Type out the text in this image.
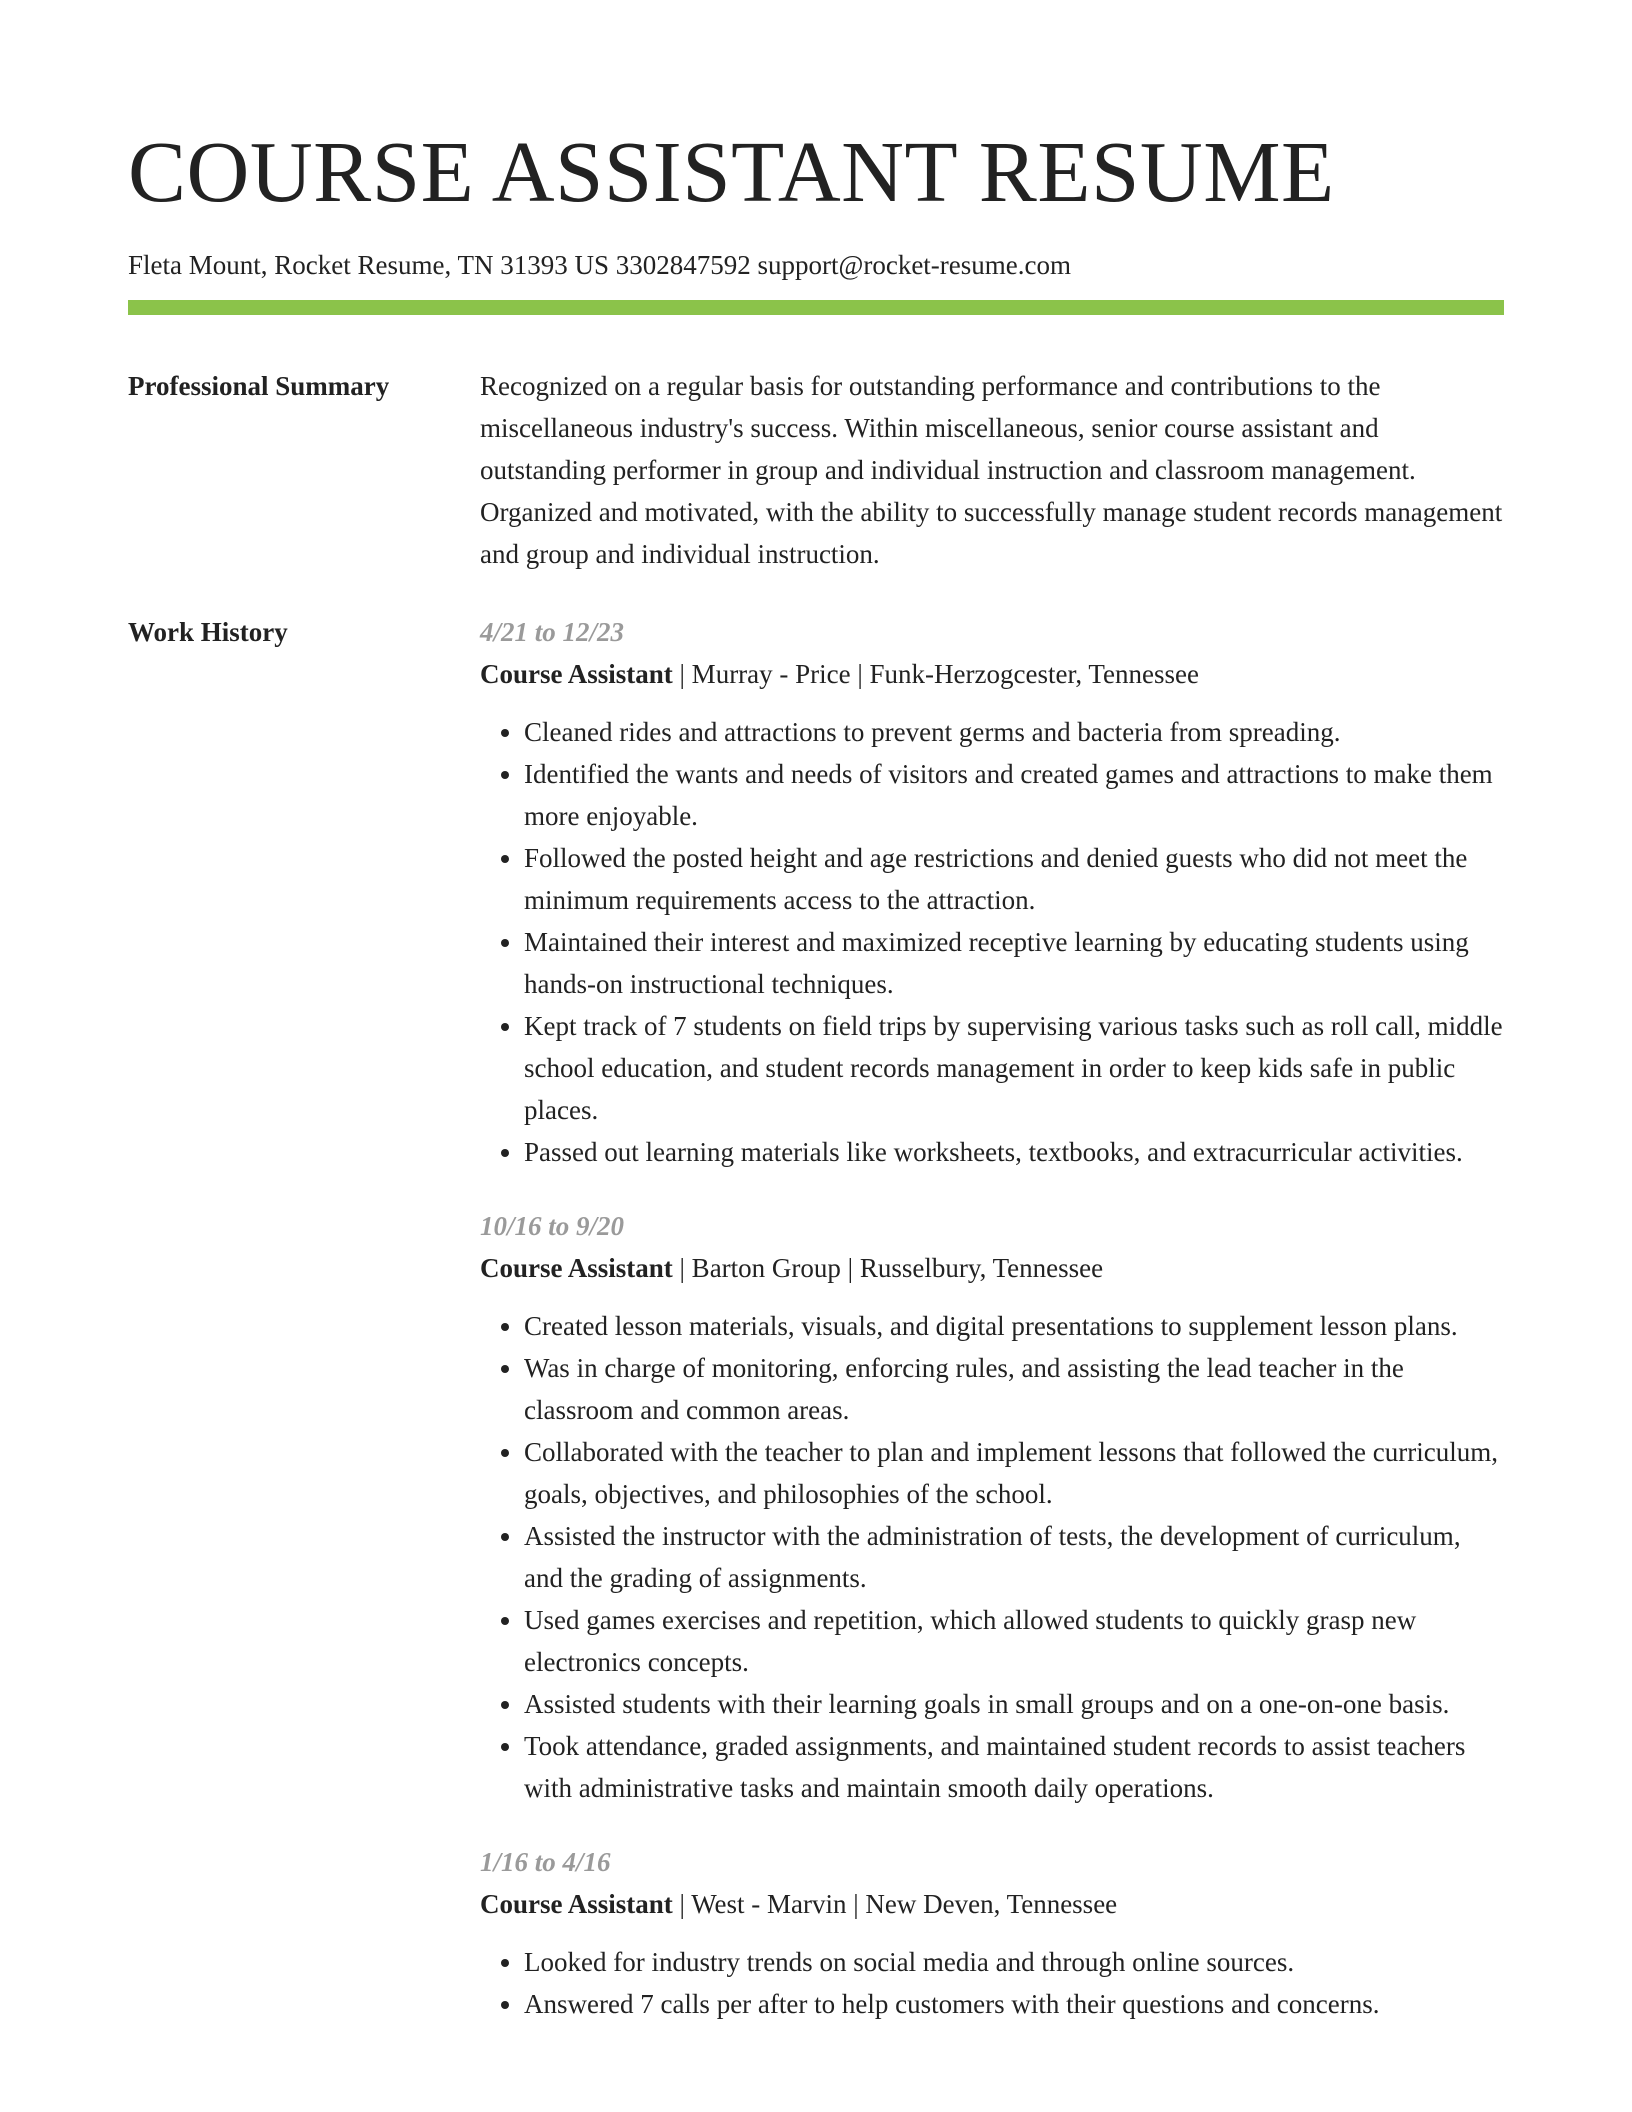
COURSE ASSISTANT RESUME
Fleta Mount, Rocket Resume, TN 31393 US 3302847592 support@rocket-resume.com
Professional Summary	Recognized on a regular basis for outstanding performance and contributions to the miscellaneous industry's success. Within miscellaneous, senior course assistant and outstanding performer in group and individual instruction and classroom management. Organized and motivated, with the ability to successfully manage student records management and group and individual instruction.

Work History	4/21 to 12/23
Course Assistant | Murray - Price | Funk-Herzogcester, Tennessee
• Cleaned rides and attractions to prevent germs and bacteria from spreading.
• Identified the wants and needs of visitors and created games and attractions to make them more enjoyable.
• Followed the posted height and age restrictions and denied guests who did not meet the minimum requirements access to the attraction.
• Maintained their interest and maximized receptive learning by educating students using hands-on instructional techniques.
• Kept track of 7 students on field trips by supervising various tasks such as roll call, middle school education, and student records management in order to keep kids safe in public places.
• Passed out learning materials like worksheets, textbooks, and extracurricular activities.
10/16 to 9/20
Course Assistant | Barton Group | Russelbury, Tennessee
• Created lesson materials, visuals, and digital presentations to supplement lesson plans.
• Was in charge of monitoring, enforcing rules, and assisting the lead teacher in the classroom and common areas.
• Collaborated with the teacher to plan and implement lessons that followed the curriculum, goals, objectives, and philosophies of the school.
• Assisted the instructor with the administration of tests, the development of curriculum, and the grading of assignments.
• Used games exercises and repetition, which allowed students to quickly grasp new electronics concepts.
• Assisted students with their learning goals in small groups and on a one-on-one basis.
• Took attendance, graded assignments, and maintained student records to assist teachers with administrative tasks and maintain smooth daily operations.
1/16 to 4/16
Course Assistant | West - Marvin | New Deven, Tennessee
• Looked for industry trends on social media and through online sources.
• Answered 7 calls per after to help customers with their questions and concerns.
